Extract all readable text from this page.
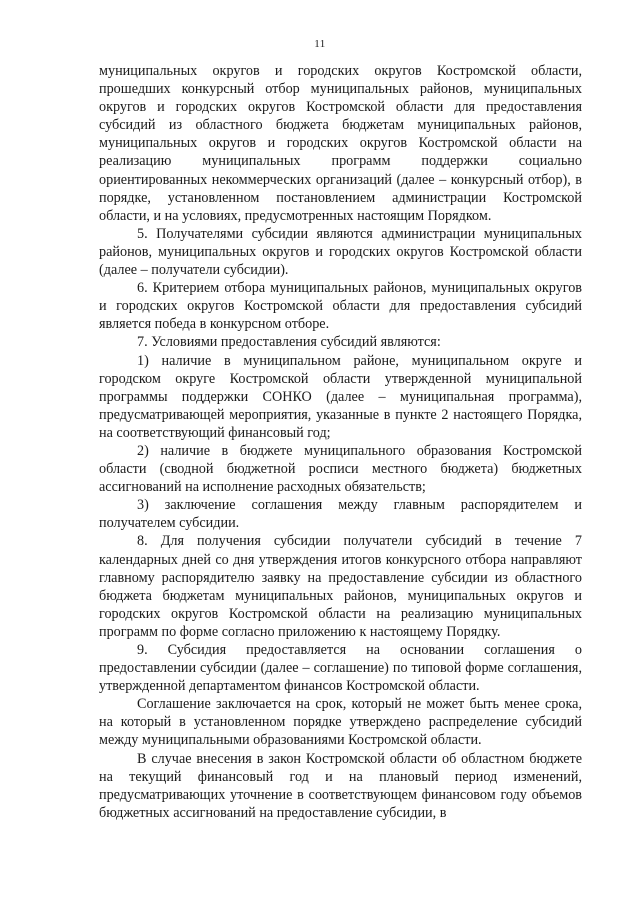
11

муниципальных округов и городских округов Костромской области, прошедших конкурсный отбор муниципальных районов, муниципальных округов и городских округов Костромской области для предоставления субсидий из областного бюджета бюджетам муниципальных районов, муниципальных округов и городских округов Костромской области на реализацию муниципальных программ поддержки социально ориентированных некоммерческих организаций (далее – конкурсный отбор), в порядке, установленном постановлением администрации Костромской области, и на условиях, предусмотренных настоящим Порядком.

5. Получателями субсидии являются администрации муниципальных районов, муниципальных округов и городских округов Костромской области (далее – получатели субсидии).

6. Критерием отбора муниципальных районов, муниципальных округов и городских округов Костромской области для предоставления субсидий является победа в конкурсном отборе.

7. Условиями предоставления субсидий являются:

1) наличие в муниципальном районе, муниципальном округе и городском округе Костромской области утвержденной муниципальной программы поддержки СОНКО (далее – муниципальная программа), предусматривающей мероприятия, указанные в пункте 2 настоящего Порядка, на соответствующий финансовый год;

2) наличие в бюджете муниципального образования Костромской области (сводной бюджетной росписи местного бюджета) бюджетных ассигнований на исполнение расходных обязательств;

3) заключение соглашения между главным распорядителем и получателем субсидии.

8. Для получения субсидии получатели субсидий в течение 7 календарных дней со дня утверждения итогов конкурсного отбора направляют главному распорядителю заявку на предоставление субсидии из областного бюджета бюджетам муниципальных районов, муниципальных округов и городских округов Костромской области на реализацию муниципальных программ по форме согласно приложению к настоящему Порядку.

9. Субсидия предоставляется на основании соглашения о предоставлении субсидии (далее – соглашение) по типовой форме соглашения, утвержденной департаментом финансов Костромской области.

Соглашение заключается на срок, который не может быть менее срока, на который в установленном порядке утверждено распределение субсидий между муниципальными образованиями Костромской области.

В случае внесения в закон Костромской области об областном бюджете на текущий финансовый год и на плановый период изменений, предусматривающих уточнение в соответствующем финансовом году объемов бюджетных ассигнований на предоставление субсидии, в
